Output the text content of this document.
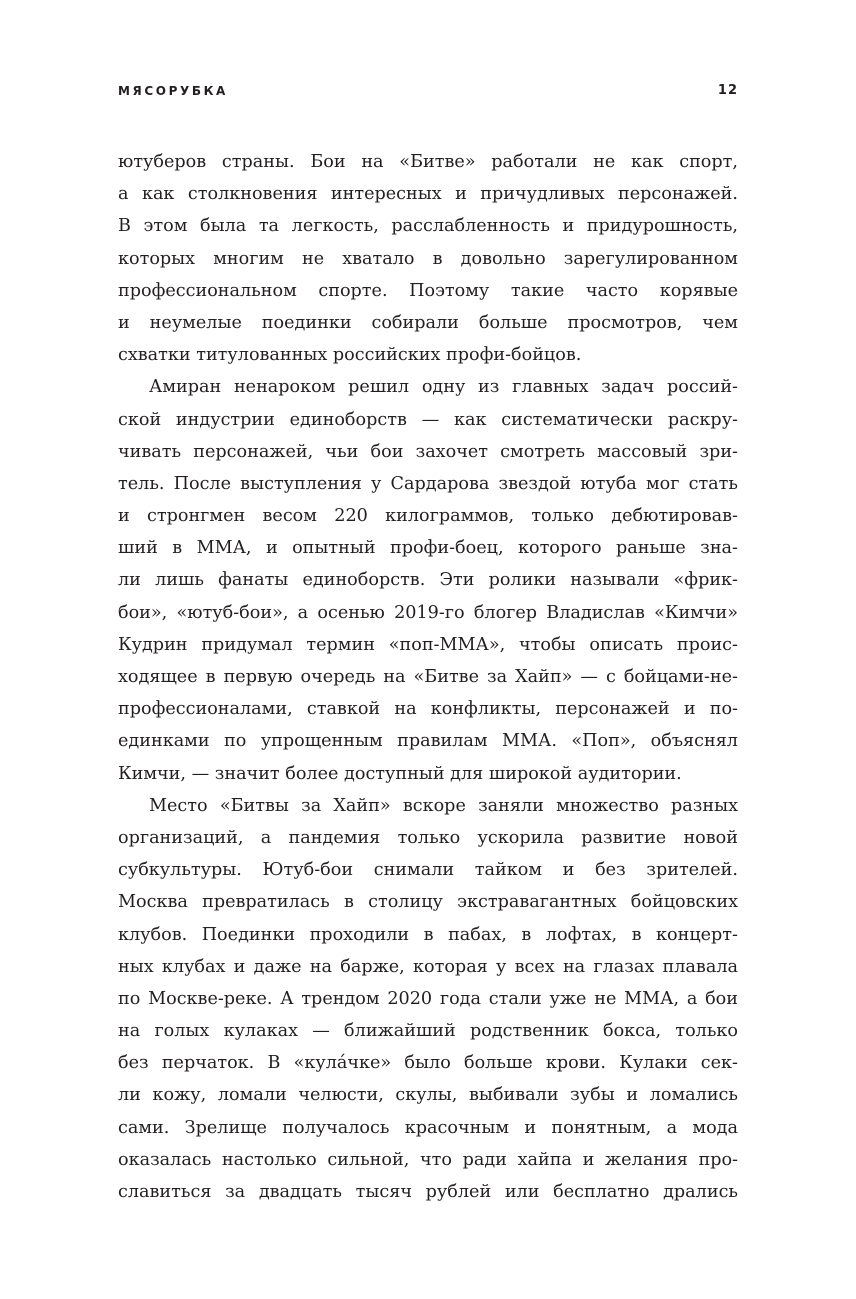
МЯСОРУБКА	12
ютуберов страны. Бои на «Битве» работали не как спорт,
а как столкновения интересных и причудливых персонажей.
В этом была та легкость, расслабленность и придурошность,
которых многим не хватало в довольно зарегулированном
профессиональном спорте. Поэтому такие часто корявые
и неумелые поединки собирали больше просмотров, чем
схватки титулованных российских профи-бойцов.
Амиран ненароком решил одну из главных задач россий-
ской индустрии единоборств — как систематически раскру-
чивать персонажей, чьи бои захочет смотреть массовый зри-
тель. После выступления у Сардарова звездой ютуба мог стать
и стронгмен весом 220 килограммов, только дебютировав-
ший в ММА, и опытный профи-боец, которого раньше зна-
ли лишь фанаты единоборств. Эти ролики называли «фрик-
бои», «ютуб-бои», а осенью 2019-го блогер Владислав «Кимчи»
Кудрин придумал термин «поп-ММА», чтобы описать проис-
ходящее в первую очередь на «Битве за Хайп» — с бойцами-не-
профессионалами, ставкой на конфликты, персонажей и по-
единками по упрощенным правилам ММА. «Поп», объяснял
Кимчи, — значит более доступный для широкой аудитории.
Место «Битвы за Хайп» вскоре заняли множество разных
организаций, а пандемия только ускорила развитие новой
субкультуры. Ютуб-бои снимали тайком и без зрителей.
Москва превратилась в столицу экстравагантных бойцовских
клубов. Поединки проходили в пабах, в лофтах, в концерт-
ных клубах и даже на барже, которая у всех на глазах плавала
по Москве-реке. А трендом 2020 года стали уже не ММА, а бои
на голых кулаках — ближайший родственник бокса, только
без перчаток. В «кула́чке» было больше крови. Кулаки сек-
ли кожу, ломали челюсти, скулы, выбивали зубы и ломались
сами. Зрелище получалось красочным и понятным, а мода
оказалась настолько сильной, что ради хайпа и желания про-
славиться за двадцать тысяч рублей или бесплатно дрались
